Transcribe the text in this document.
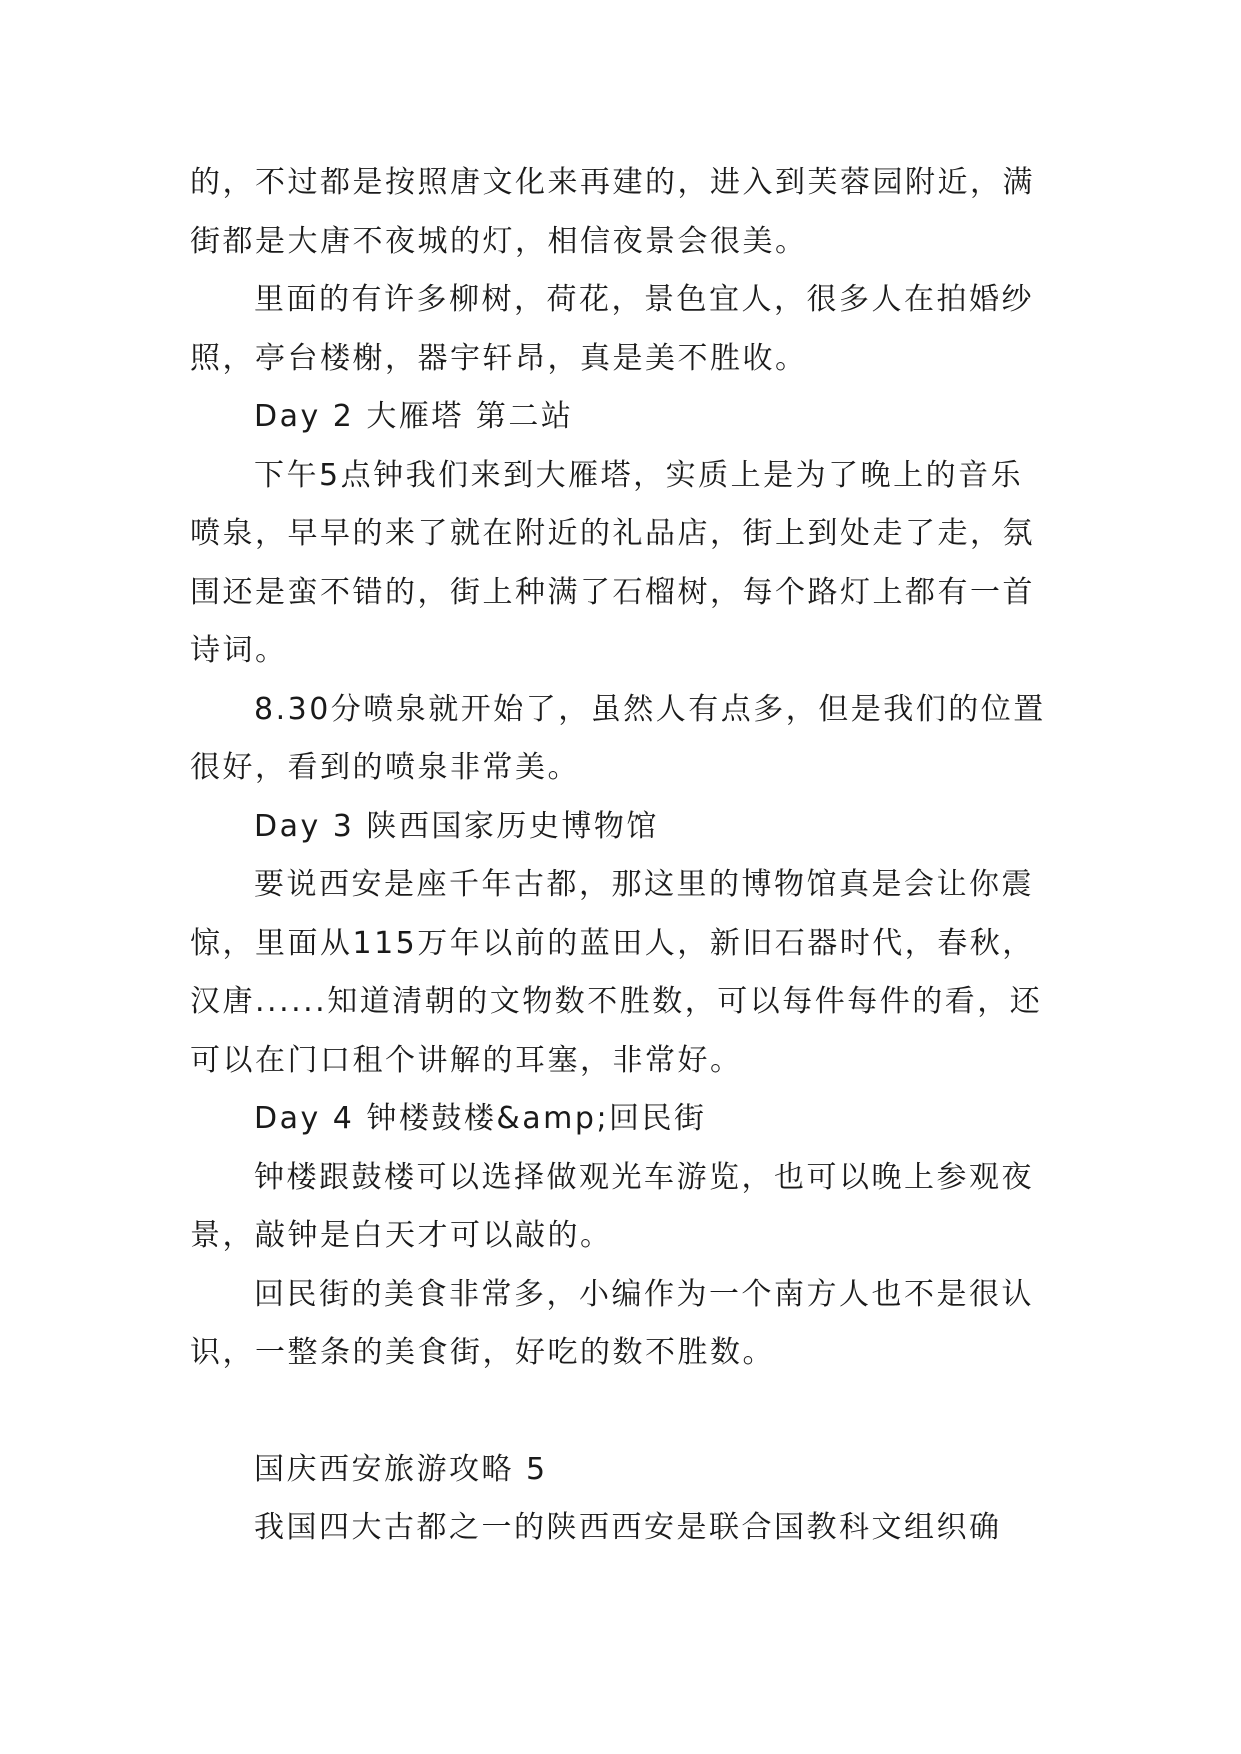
的，不过都是按照唐文化来再建的，进入到芙蓉园附近，满街都是大唐不夜城的灯，相信夜景会很美。

里面的有许多柳树，荷花，景色宜人，很多人在拍婚纱照，亭台楼榭，器宇轩昂，真是美不胜收。

Day 2 大雁塔 第二站

下午5点钟我们来到大雁塔，实质上是为了晚上的音乐喷泉，早早的来了就在附近的礼品店，街上到处走了走，氛围还是蛮不错的，街上种满了石榴树，每个路灯上都有一首诗词。

8.30分喷泉就开始了，虽然人有点多，但是我们的位置很好，看到的喷泉非常美。

Day 3 陕西国家历史博物馆

要说西安是座千年古都，那这里的博物馆真是会让你震惊，里面从115万年以前的蓝田人，新旧石器时代，春秋，汉唐......知道清朝的文物数不胜数，可以每件每件的看，还可以在门口租个讲解的耳塞，非常好。

Day 4 钟楼鼓楼&amp;回民街

钟楼跟鼓楼可以选择做观光车游览，也可以晚上参观夜景，敲钟是白天才可以敲的。

回民街的美食非常多，小编作为一个南方人也不是很认识，一整条的美食街，好吃的数不胜数。

国庆西安旅游攻略 5

我国四大古都之一的陕西西安是联合国教科文组织确
